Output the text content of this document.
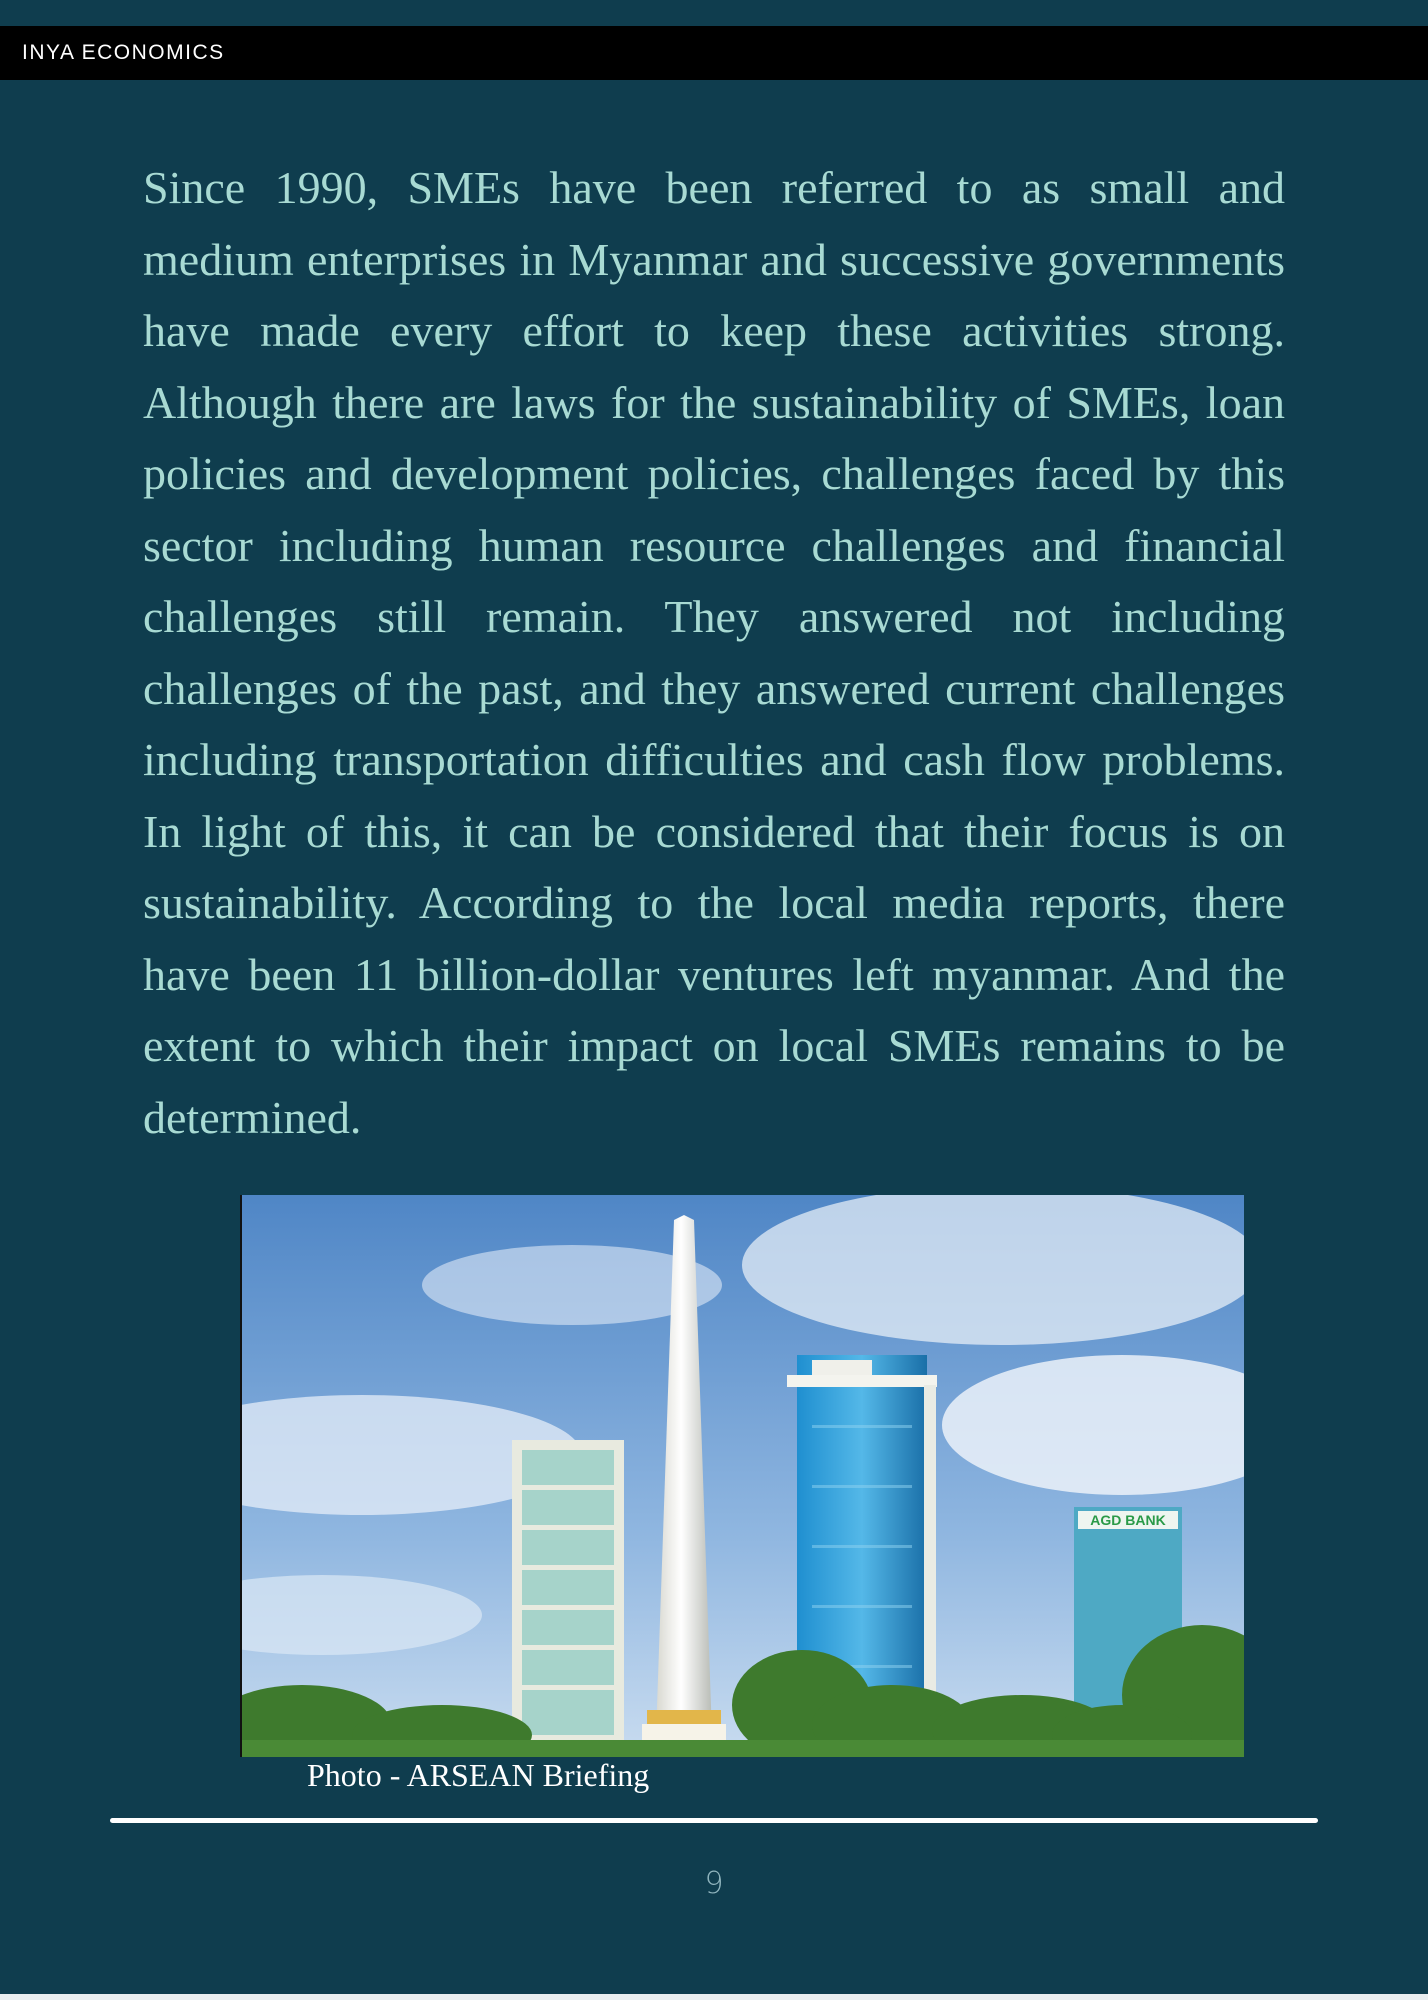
INYA ECONOMICS

Since 1990, SMEs have been referred to as small and medium enterprises in Myanmar and successive governments have made every effort to keep these activities strong. Although there are laws for the sustainability of SMEs, loan policies and development policies, challenges faced by this sector including human resource challenges and financial challenges still remain. They answered not including challenges of the past, and they answered current challenges including transportation difficulties and cash flow problems. In light of this, it can be considered that their focus is on sustainability. According to the local media reports, there have been 11 billion-dollar ventures left myanmar. And the extent to which their impact on local SMEs remains to be determined.

AGD BANK
Photo - ARSEAN Briefing
9
